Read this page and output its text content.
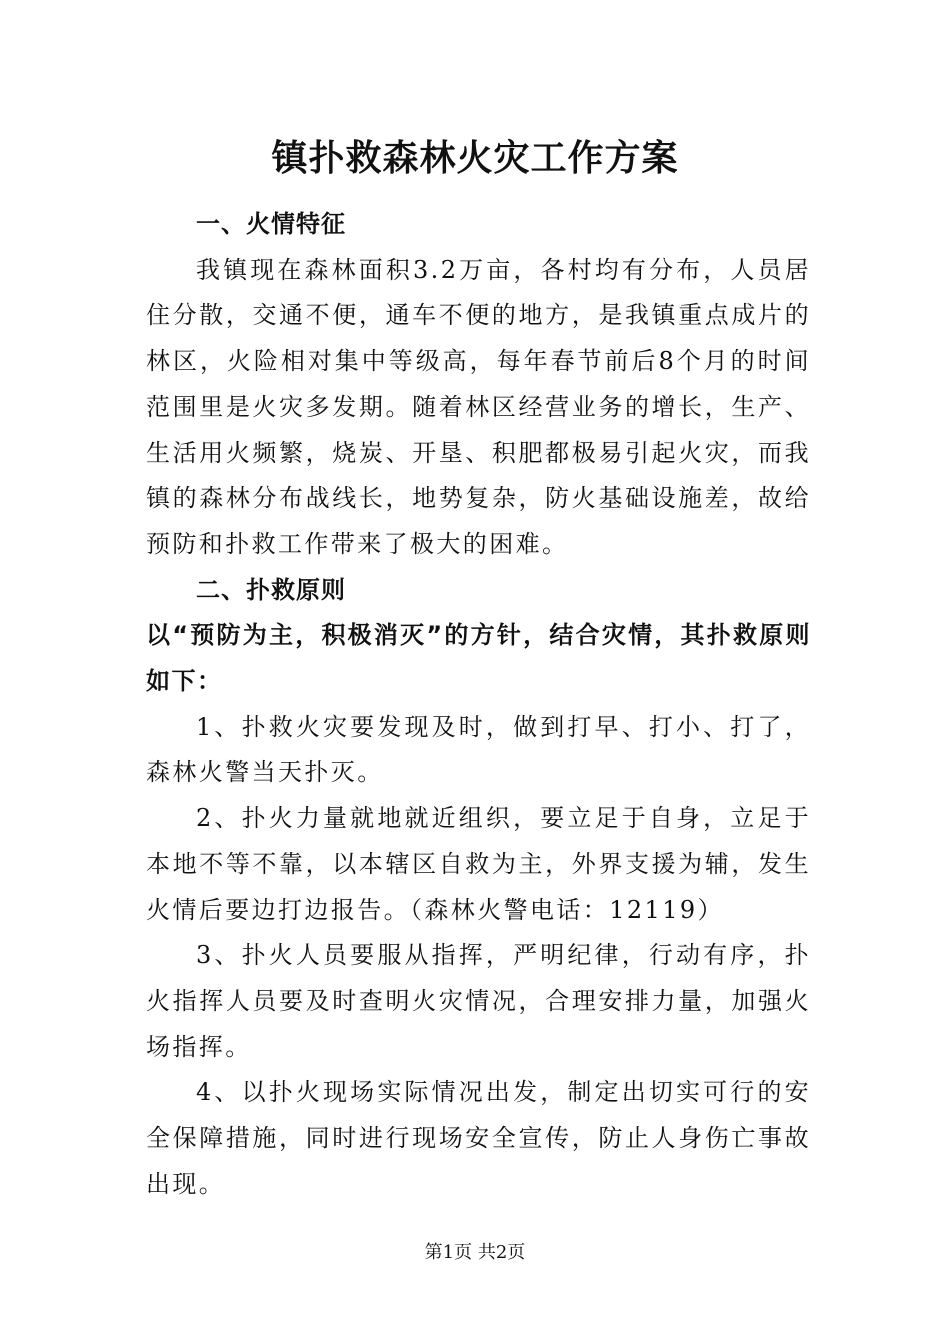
镇扑救森林火灾工作方案

一、火情特征

我镇现在森林面积3.2万亩，各村均有分布，人员居住分散，交通不便，通车不便的地方，是我镇重点成片的林区，火险相对集中等级高，每年春节前后8个月的时间范围里是火灾多发期。随着林区经营业务的增长，生产、生活用火频繁，烧炭、开垦、积肥都极易引起火灾，而我镇的森林分布战线长，地势复杂，防火基础设施差，故给预防和扑救工作带来了极大的困难。

二、扑救原则

以“预防为主，积极消灭”的方针，结合灾情，其扑救原则如下：

1、扑救火灾要发现及时，做到打早、打小、打了，森林火警当天扑灭。

2、扑火力量就地就近组织，要立足于自身，立足于本地不等不靠，以本辖区自救为主，外界支援为辅，发生火情后要边打边报告。（森林火警电话：12119）

3、扑火人员要服从指挥，严明纪律，行动有序，扑火指挥人员要及时查明火灾情况，合理安排力量，加强火场指挥。

4、以扑火现场实际情况出发，制定出切实可行的安全保障措施，同时进行现场安全宣传，防止人身伤亡事故出现。

第1页 共2页
